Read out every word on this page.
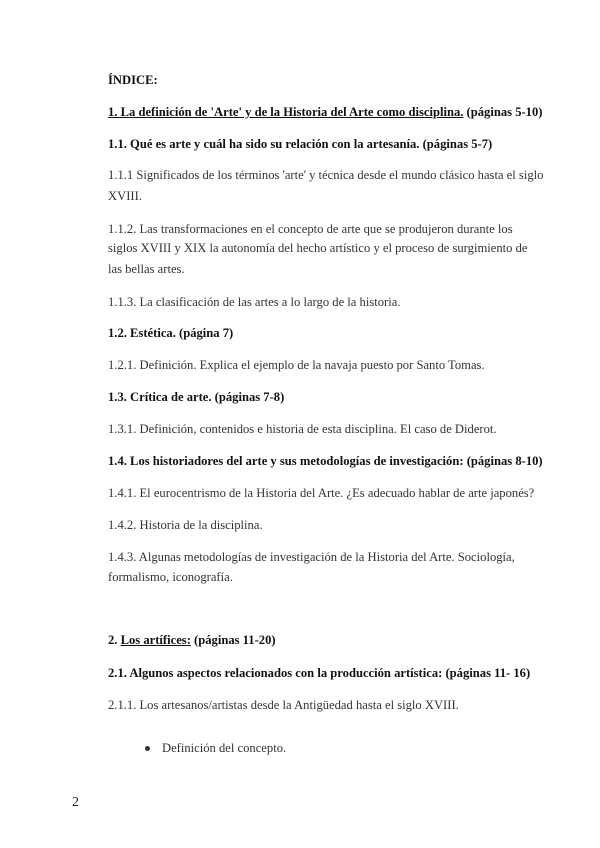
ÍNDICE:
1. La definición de 'Arte' y de la Historia del Arte como disciplina. (páginas 5-10)
1.1. Qué es arte y cuál ha sido su relación con la artesanía. (páginas 5-7)
1.1.1 Significados de los términos 'arte' y técnica desde el mundo clásico hasta el siglo
XVIII.
1.1.2. Las transformaciones en el concepto de arte que se produjeron durante los
siglos XVIII y XIX la autonomía del hecho artístico y el proceso de surgimiento de
las bellas artes.
1.1.3. La clasificación de las artes a lo largo de la historia.
1.2. Estética. (página 7)
1.2.1. Definición. Explica el ejemplo de la navaja puesto por Santo Tomas.
1.3. Crítica de arte. (páginas 7-8)
1.3.1. Definición, contenidos e historia de esta disciplina. El caso de Diderot.
1.4. Los historiadores del arte y sus metodologías de investigación: (páginas 8-10)
1.4.1. El eurocentrismo de la Historia del Arte. ¿Es adecuado hablar de arte japonés?
1.4.2. Historia de la disciplina.
1.4.3. Algunas metodologías de investigación de la Historia del Arte. Sociología,
formalismo, iconografía.
2. Los artífices: (páginas 11-20)
2.1. Algunos aspectos relacionados con la producción artística: (páginas 11- 16)
2.1.1. Los artesanos/artistas desde la Antigüedad hasta el siglo XVIII.
Definición del concepto.
2
